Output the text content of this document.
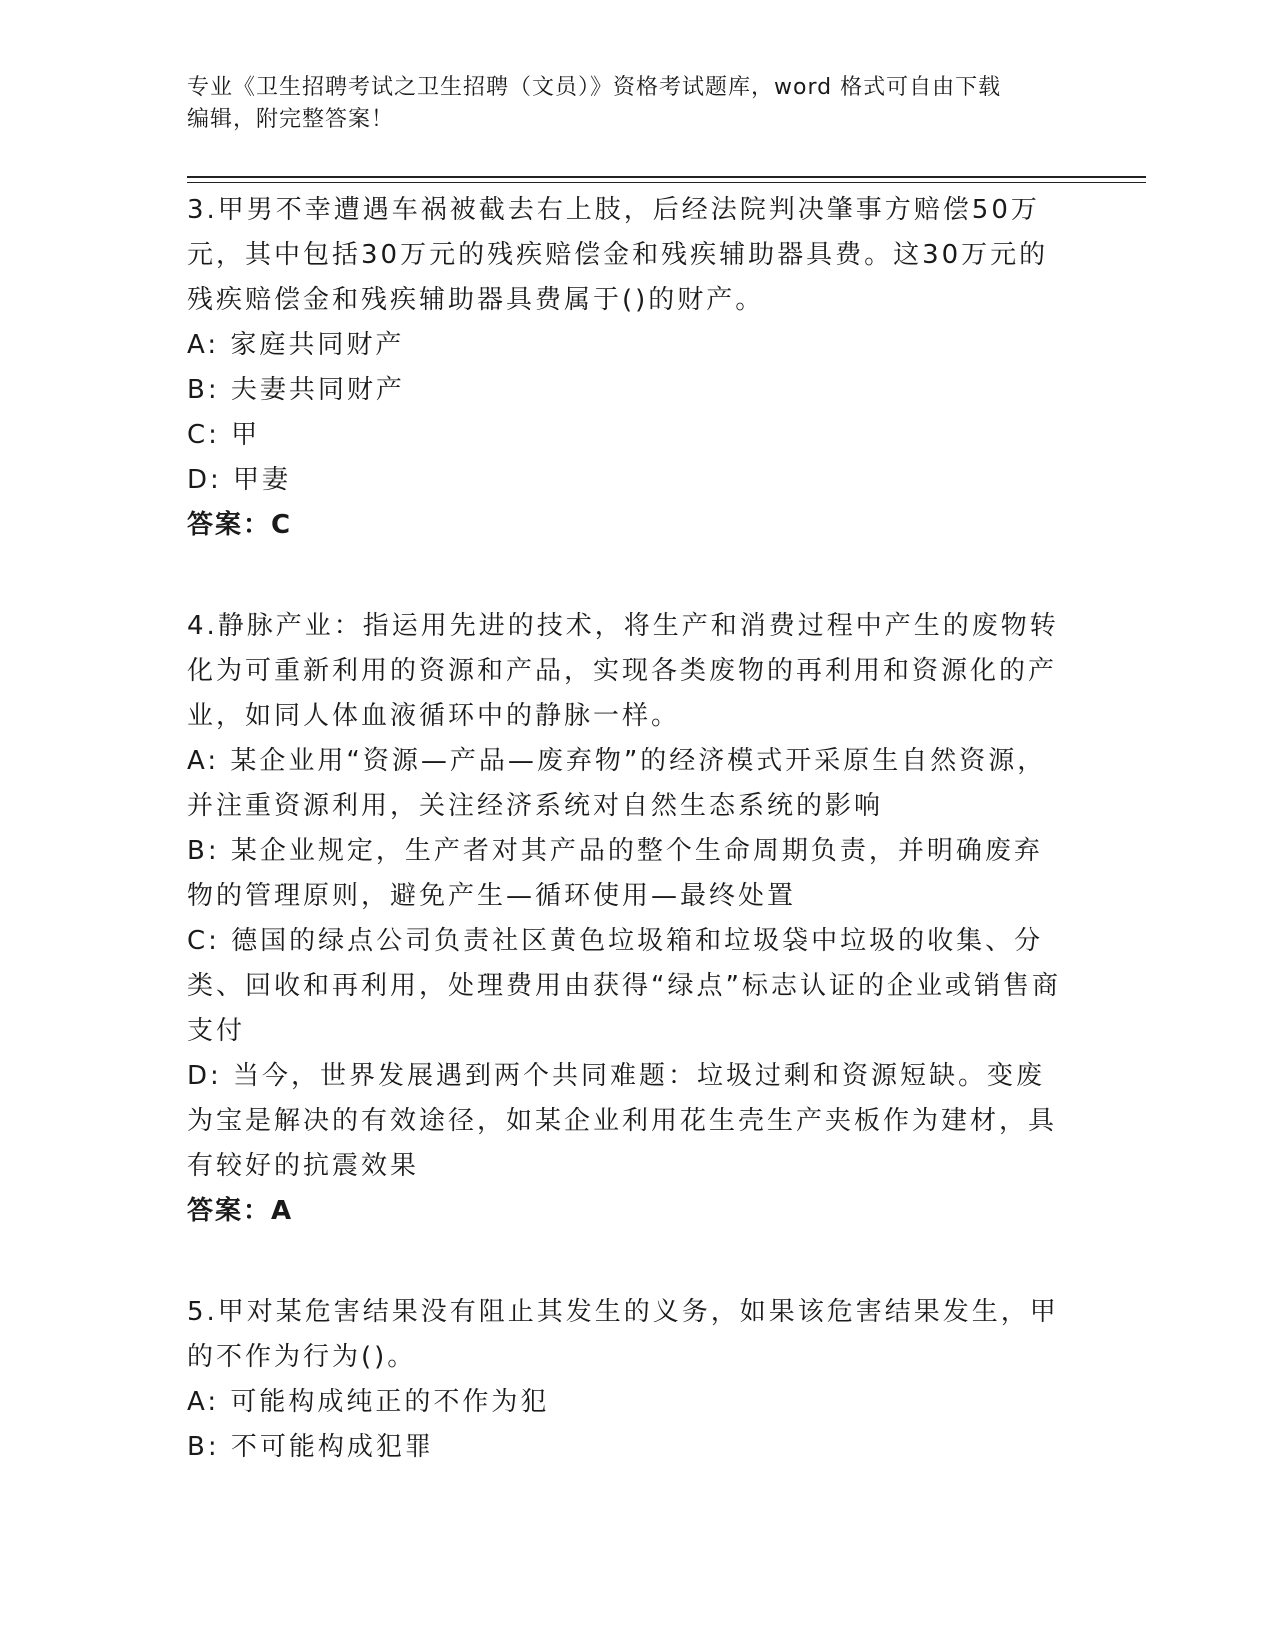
专业《卫生招聘考试之卫生招聘（文员）》资格考试题库，word 格式可自由下载
编辑，附完整答案！

3.甲男不幸遭遇车祸被截去右上肢，后经法院判决肇事方赔偿50万元，其中包括30万元的残疾赔偿金和残疾辅助器具费。这30万元的残疾赔偿金和残疾辅助器具费属于()的财产。

A: 家庭共同财产

B: 夫妻共同财产

C: 甲

D: 甲妻

答案：C

4.静脉产业：指运用先进的技术，将生产和消费过程中产生的废物转化为可重新利用的资源和产品，实现各类废物的再利用和资源化的产业，如同人体血液循环中的静脉一样。

A: 某企业用“资源—产品—废弃物”的经济模式开采原生自然资源，并注重资源利用，关注经济系统对自然生态系统的影响

B: 某企业规定，生产者对其产品的整个生命周期负责，并明确废弃物的管理原则，避免产生—循环使用—最终处置

C: 德国的绿点公司负责社区黄色垃圾箱和垃圾袋中垃圾的收集、分类、回收和再利用，处理费用由获得“绿点”标志认证的企业或销售商支付

D: 当今，世界发展遇到两个共同难题：垃圾过剩和资源短缺。变废为宝是解决的有效途径，如某企业利用花生壳生产夹板作为建材，具有较好的抗震效果

答案：A

5.甲对某危害结果没有阻止其发生的义务，如果该危害结果发生，甲的不作为行为()。

A: 可能构成纯正的不作为犯

B: 不可能构成犯罪
